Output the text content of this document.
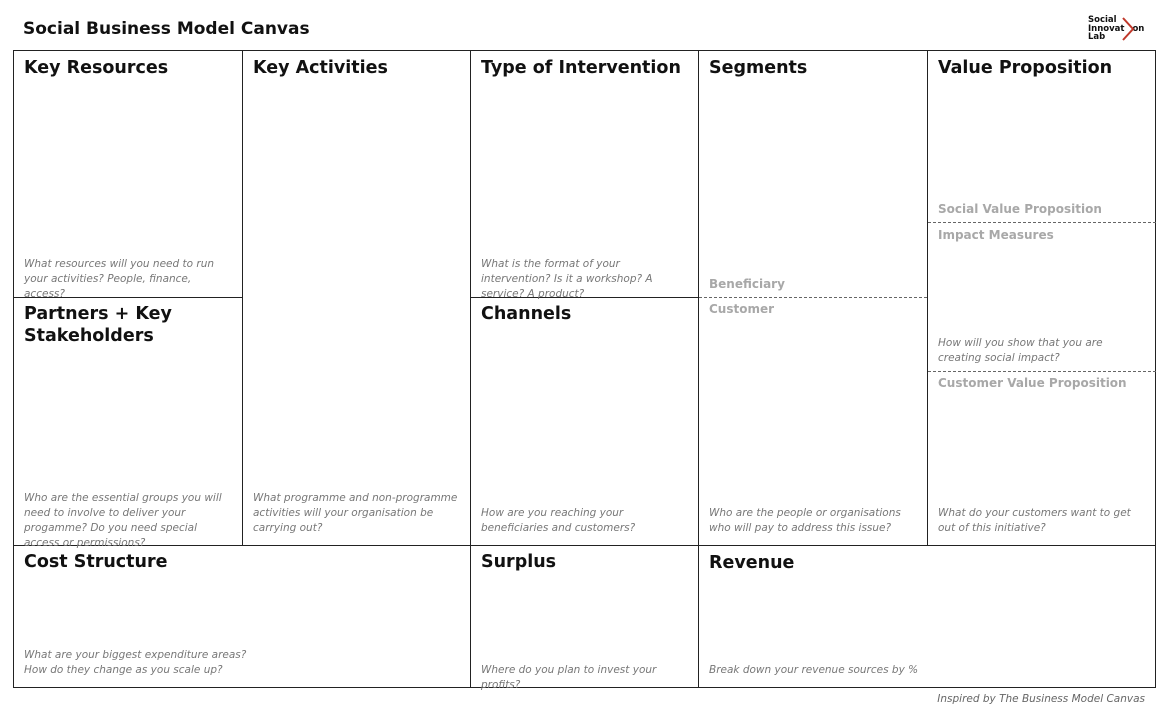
Social Business Model Canvas	Social
Innovat on
Lab
Key Resources
What resources will you need to run your activities? People, finance, access?
Partners + Key
Stakeholders
Who are the essential groups you will need to involve to deliver your progamme? Do you need special access or permissions?
Key Activities
What programme and non-programme activities will your organisation be carrying out?
Type of Intervention
What is the format of your intervention? Is it a workshop? A service? A product?
Channels
How are you reaching your beneficiaries and customers?
Segments
Beneficiary
Customer
Who are the people or organisations who will pay to address this issue?
Value Proposition
Social Value Proposition
Impact Measures
How will you show that you are creating social impact?
Customer Value Proposition
What do your customers want to get out of this initiative?
Cost Structure
What are your biggest expenditure areas? How do they change as you scale up?
Surplus
Where do you plan to invest your profits?
Revenue
Break down your revenue sources by %
Inspired by The Business Model Canvas
